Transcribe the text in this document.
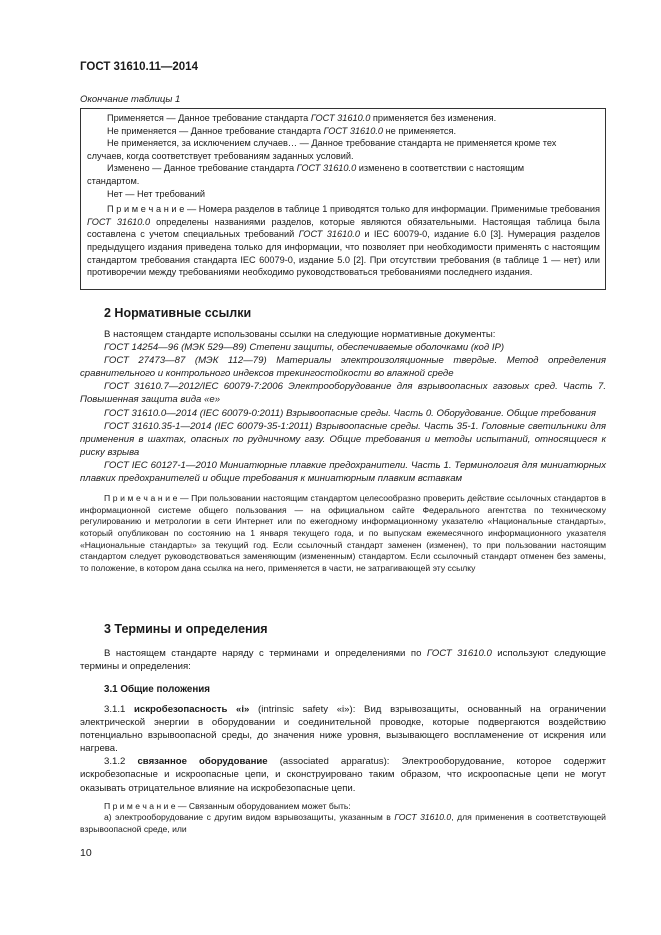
ГОСТ 31610.11—2014
Окончание таблицы 1

Применяется — Данное требование стандарта ГОСТ 31610.0 применяется без изменения.

Не применяется — Данное требование стандарта ГОСТ 31610.0 не применяется.

Не применяется, за исключением случаев… — Данное требование стандарта не применяется кроме тех

случаев, когда соответствует требованиям заданных условий.

Изменено — Данное требование стандарта ГОСТ 31610.0 изменено в соответствии с настоящим

стандартом.

Нет — Нет требований

П р и м е ч а н и е — Номера разделов в таблице 1 приводятся только для информации. Применимые требования ГОСТ 31610.0 определены названиями разделов, которые являются обязательными. Настоящая таблица была составлена с учетом специальных требований ГОСТ 31610.0 и IEC 60079-0, издание 6.0 [3]. Нумерация разделов предыдущего издания приведена только для информации, что позволяет при необходимости применять с настоящим стандартом требования стандарта IEC 60079-0, издание 5.0 [2]. При отсутствии требования (в таблице 1 — нет) или противоречии между требованиями необходимо руководствоваться требованиями последнего издания.

2 Нормативные ссылки

В настоящем стандарте использованы ссылки на следующие нормативные документы:

ГОСТ 14254—96 (МЭК 529—89) Степени защиты, обеспечиваемые оболочками (код IP)

ГОСТ 27473—87 (МЭК 112—79) Материалы электроизоляционные твердые. Метод определения сравнительного и контрольного индексов трекингостойкости во влажной среде

ГОСТ 31610.7—2012/IEC 60079-7:2006 Электрооборудование для взрывоопасных газовых сред. Часть 7. Повышенная защита вида «е»

ГОСТ 31610.0—2014 (IEC 60079-0:2011) Взрывоопасные среды. Часть 0. Оборудование. Общие требования

ГОСТ 31610.35-1—2014 (IEC 60079-35-1:2011) Взрывоопасные среды. Часть 35-1. Головные светильники для применения в шахтах, опасных по рудничному газу. Общие требования и методы испытаний, относящиеся к риску взрыва

ГОСТ IEC 60127-1—2010 Миниатюрные плавкие предохранители. Часть 1. Терминология для миниатюрных плавких предохранителей и общие требования к миниатюрным плавким вставкам

П р и м е ч а н и е — При пользовании настоящим стандартом целесообразно проверить действие ссылочных стандартов в информационной системе общего пользования — на официальном сайте Федерального агентства по техническому регулированию и метрологии в сети Интернет или по ежегодному информационному указателю «Национальные стандарты», который опубликован по состоянию на 1 января текущего года, и по выпускам ежемесячного информационного указателя «Национальные стандарты» за текущий год. Если ссылочный стандарт заменен (изменен), то при пользовании настоящим стандартом следует руководствоваться заменяющим (измененным) стандартом. Если ссылочный стандарт отменен без замены, то положение, в котором дана ссылка на него, применяется в части, не затрагивающей эту ссылку

3 Термины и определения

В настоящем стандарте наряду с терминами и определениями по ГОСТ 31610.0 используют следующие термины и определения:

3.1 Общие положения

3.1.1 искробезопасность «i» (intrinsic safety «i»): Вид взрывозащиты, основанный на ограничении электрической энергии в оборудовании и соединительной проводке, которые подвергаются воздействию потенциально взрывоопасной среды, до значения ниже уровня, вызывающего воспламенение от искрения или нагрева.

3.1.2 связанное оборудование (associated apparatus): Электрооборудование, которое содержит искробезопасные и искроопасные цепи, и сконструировано таким образом, что искроопасные цепи не могут оказывать отрицательное влияние на искробезопасные цепи.

П р и м е ч а н и е — Связанным оборудованием может быть:

а) электрооборудование с другим видом взрывозащиты, указанным в ГОСТ 31610.0, для применения в соответствующей взрывоопасной среде, или

10
